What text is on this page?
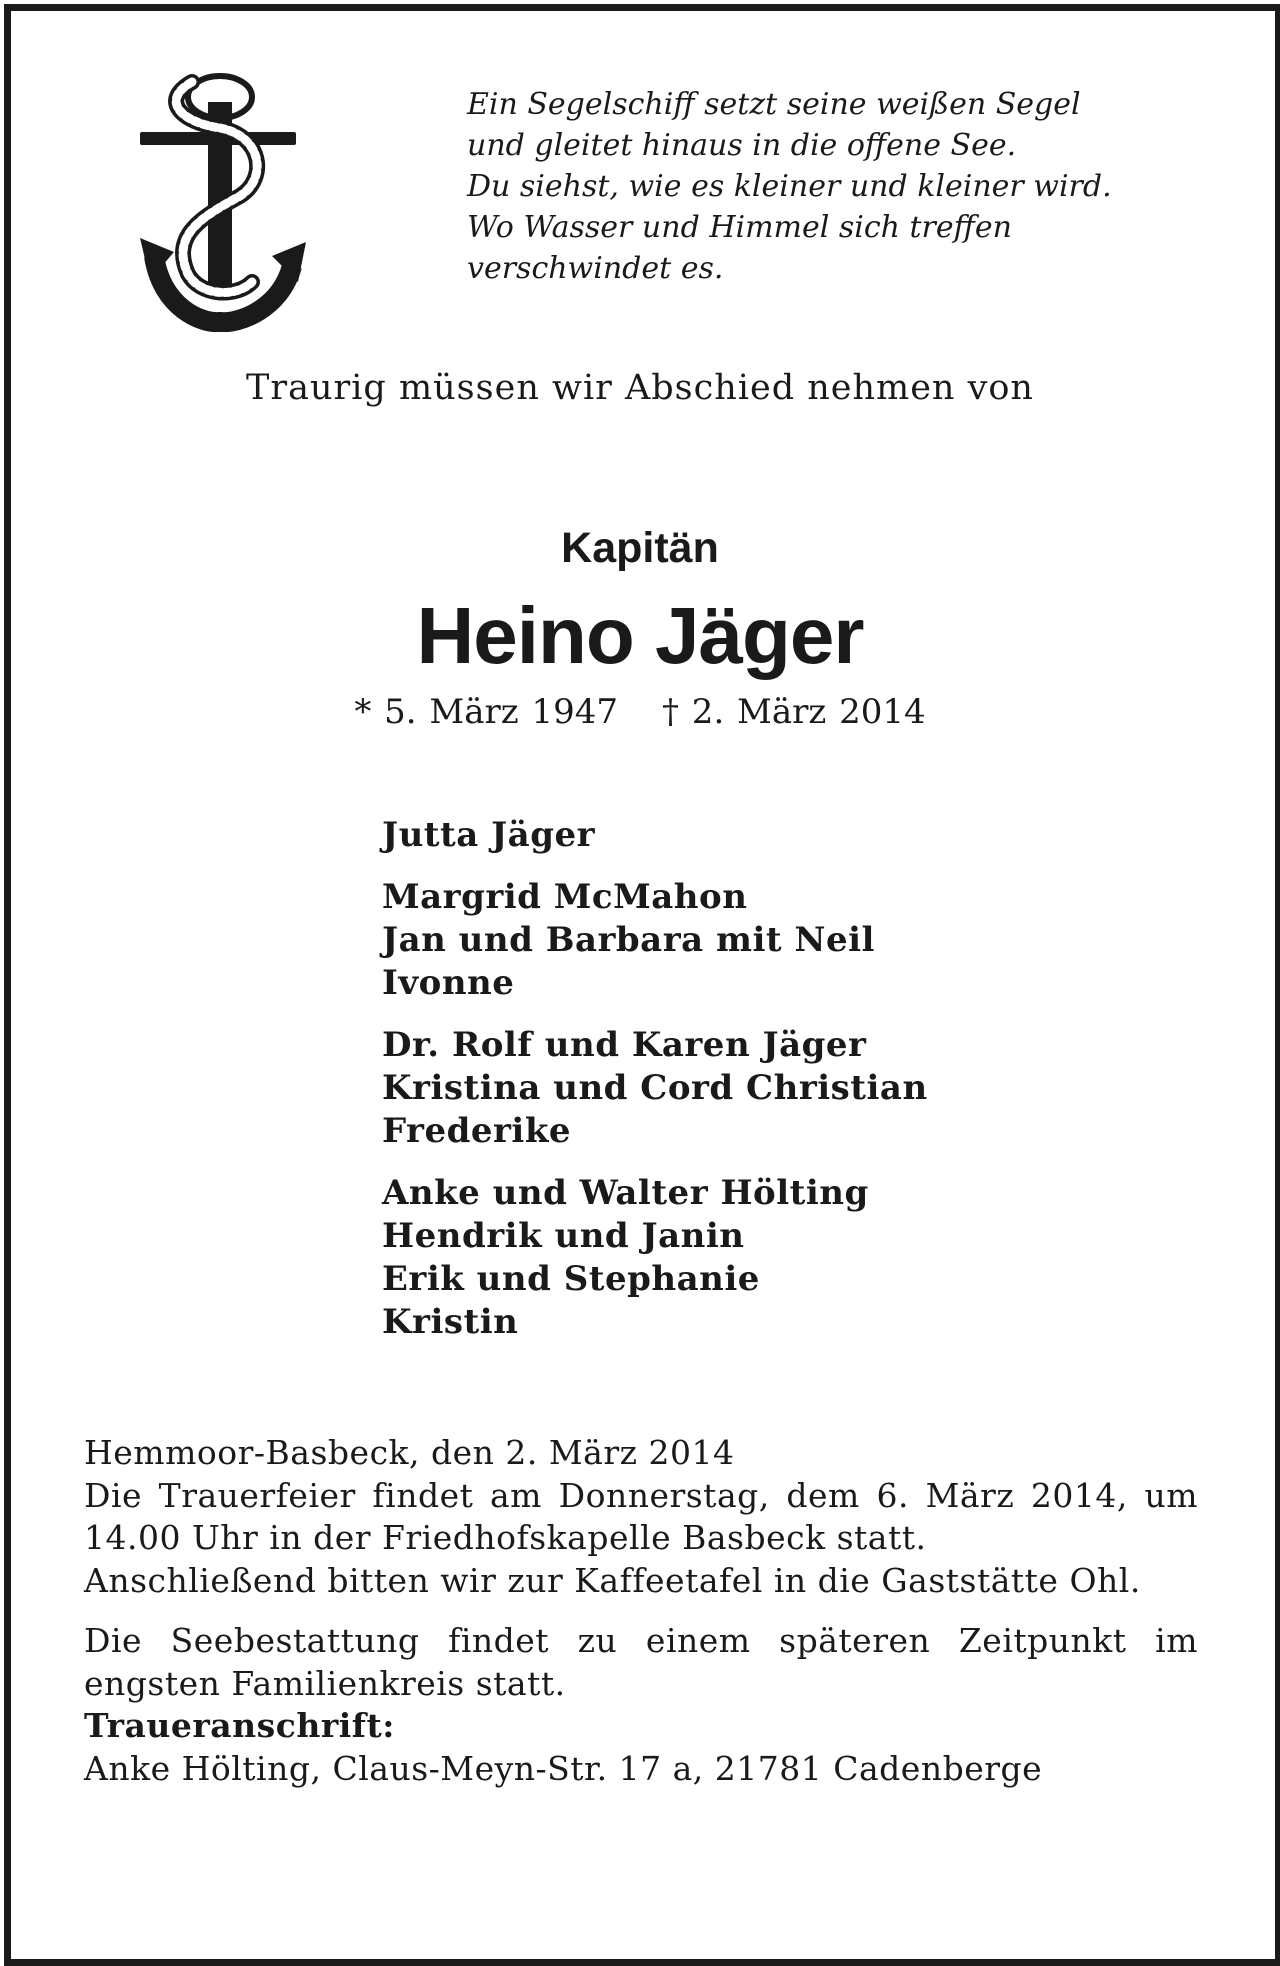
Ein Segelschiff setzt seine weißen Segel
und gleitet hinaus in die offene See.
Du siehst, wie es kleiner und kleiner wird.
Wo Wasser und Himmel sich treffen
verschwindet es.
Traurig müssen wir Abschied nehmen von
Kapitän
Heino Jäger
* 5. März 1947 † 2. März 2014
Jutta Jäger
Margrid McMahon
Jan und Barbara mit Neil
Ivonne
Dr. Rolf und Karen Jäger
Kristina und Cord Christian
Frederike
Anke und Walter Hölting
Hendrik und Janin
Erik und Stephanie
Kristin

Hemmoor-Basbeck, den 2. März 2014

Die Trauerfeier findet am Donnerstag, dem 6. März 2014, um 14.00 Uhr in der Friedhofskapelle Basbeck statt.

Anschließend bitten wir zur Kaffeetafel in die Gaststätte Ohl.

Die Seebestattung findet zu einem späteren Zeitpunkt im engsten Familienkreis statt.

Traueranschrift:

Anke Hölting, Claus-Meyn-Str. 17 a, 21781 Cadenberge
